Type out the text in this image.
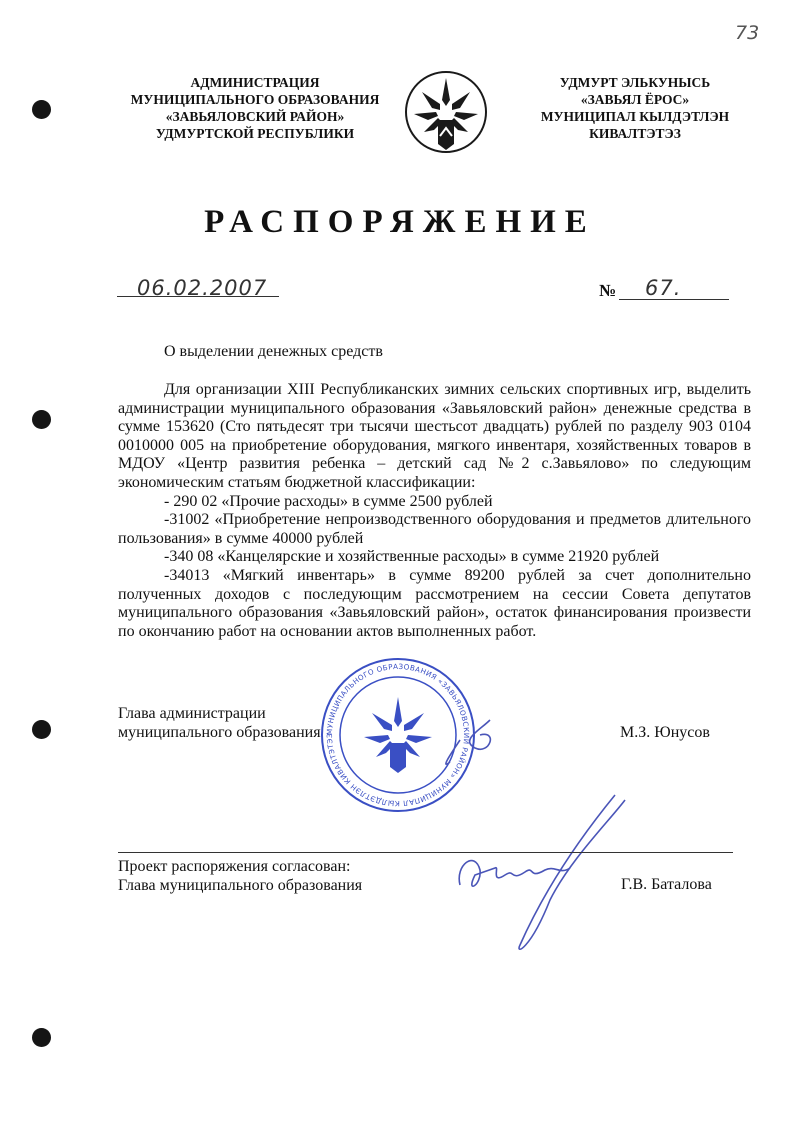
73
АДМИНИСТРАЦИЯ
МУНИЦИПАЛЬНОГО ОБРАЗОВАНИЯ
«ЗАВЬЯЛОВСКИЙ РАЙОН»
УДМУРТСКОЙ РЕСПУБЛИКИ
УДМУРТ ЭЛЬКУНЫСЬ
«ЗАВЬЯЛ ЁРОС»
МУНИЦИПАЛ КЫЛДЭТЛЭН
КИВАЛТЭТЭЗ
РАСПОРЯЖЕНИЕ
06.02.2007	№ 67.
О выделении денежных средств

Для организации XIII Республиканских зимних сельских спортивных игр, выделить администрации муниципального образования «Завьяловский район» денежные средства в сумме 153620 (Сто пятьдесят три тысячи шестьсот двадцать) рублей по разделу 903 0104 0010000 005 на приобретение оборудования, мягкого инвентаря, хозяйственных товаров в МДОУ «Центр развития ребенка – детский сад №2 с.Завьялово» по следующим экономическим статьям бюджетной классификации:

- 290 02 «Прочие расходы» в сумме 2500 рублей

-31002 «Приобретение непроизводственного оборудования и предметов длительного пользования» в сумме 40000 рублей

-340 08 «Канцелярские и хозяйственные расходы» в сумме 21920 рублей

-34013 «Мягкий инвентарь» в сумме 89200 рублей за счет дополнительно полученных доходов с последующим рассмотрением на сессии Совета депутатов муниципального образования «Завьяловский район», остаток финансирования произвести по окончанию работ на основании актов выполненных работ.

МУНИЦИПАЛЬНОГО ОБРАЗОВАНИЯ «ЗАВЬЯЛОВСКИЙ РАЙОН» МУНИЦИПАЛ КЫЛДЭТЛЭН КИВАЛТЭТЭЗ
Глава администрации
муниципального образования	М.З. Юнусов
Проект распоряжения согласован:
Глава муниципального образования	Г.В. Баталова
